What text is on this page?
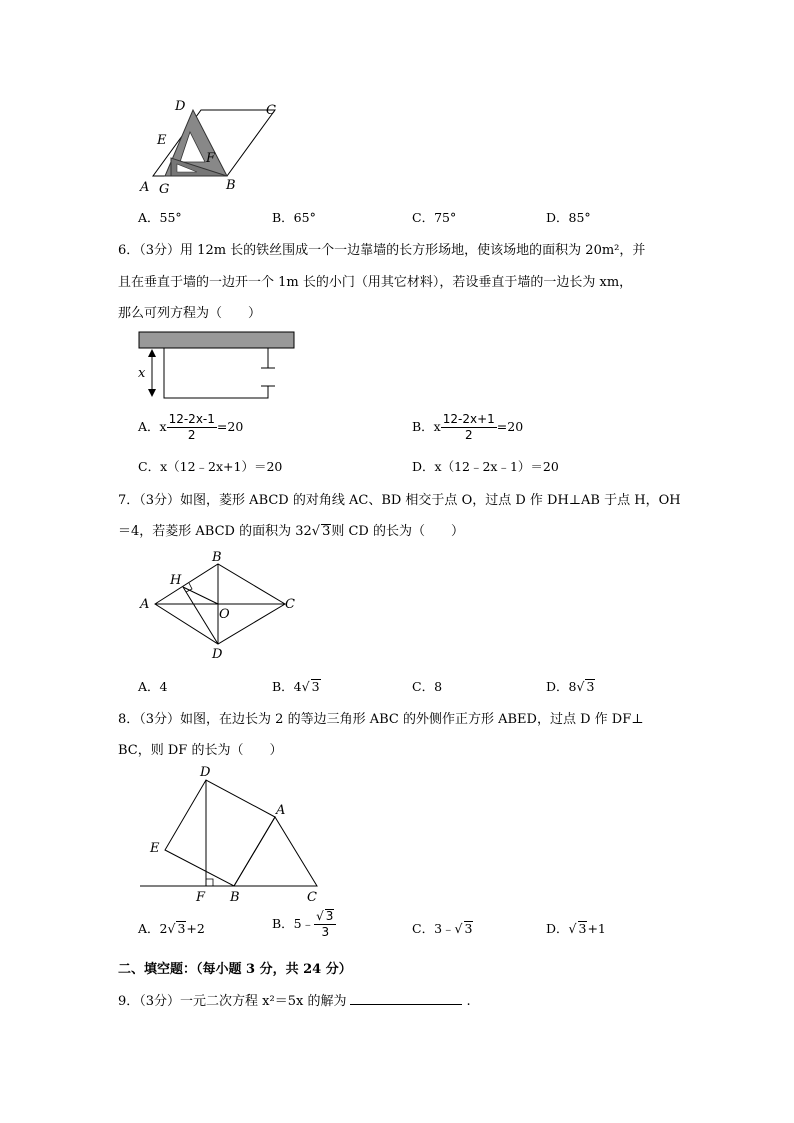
D	C
E
F
A G	B
A．55°	B．65°	C．75°	D．85°
6．（3分）用 12m 长的铁丝围成一个一边靠墙的长方形场地，使该场地的面积为 20m²，并
且在垂直于墙的一边开一个 1m 长的小门（用其它材料），若设垂直于墙的一边长为 xm，
那么可列方程为（　　）
x
A．x $\frac{12-2x-1}{2} =20$	B．x $\frac{12-2x+1}{2} =20$
C．x（12﹣2x+1）＝20	D．x（12﹣2x﹣1）＝20
7．（3分）如图，菱形 ABCD 的对角线 AC、BD 相交于点 O，过点 D 作 DH⊥AB 于点 H，OH
＝4，若菱形 ABCD 的面积为 32√ 3则 CD 的长为（　　）
B
H
A
O
C
D
A．4	B．4√ 3	C．8	D．8√ 3
8．（3分）如图，在边长为 2 的等边三角形 ABC 的外侧作正方形 ABED，过点 D 作 DF⊥
BC，则 DF 的长为（　　）
D
A
E
F B	C
A．2√ 3+2	B．5﹣ $\frac{√ 3}{3}$	C．3﹣√ 3	D．√ 3+1
二、填空题：（每小题 3 分，共 24 分）
9．（3分）一元二次方程 x²＝5x 的解为	.
